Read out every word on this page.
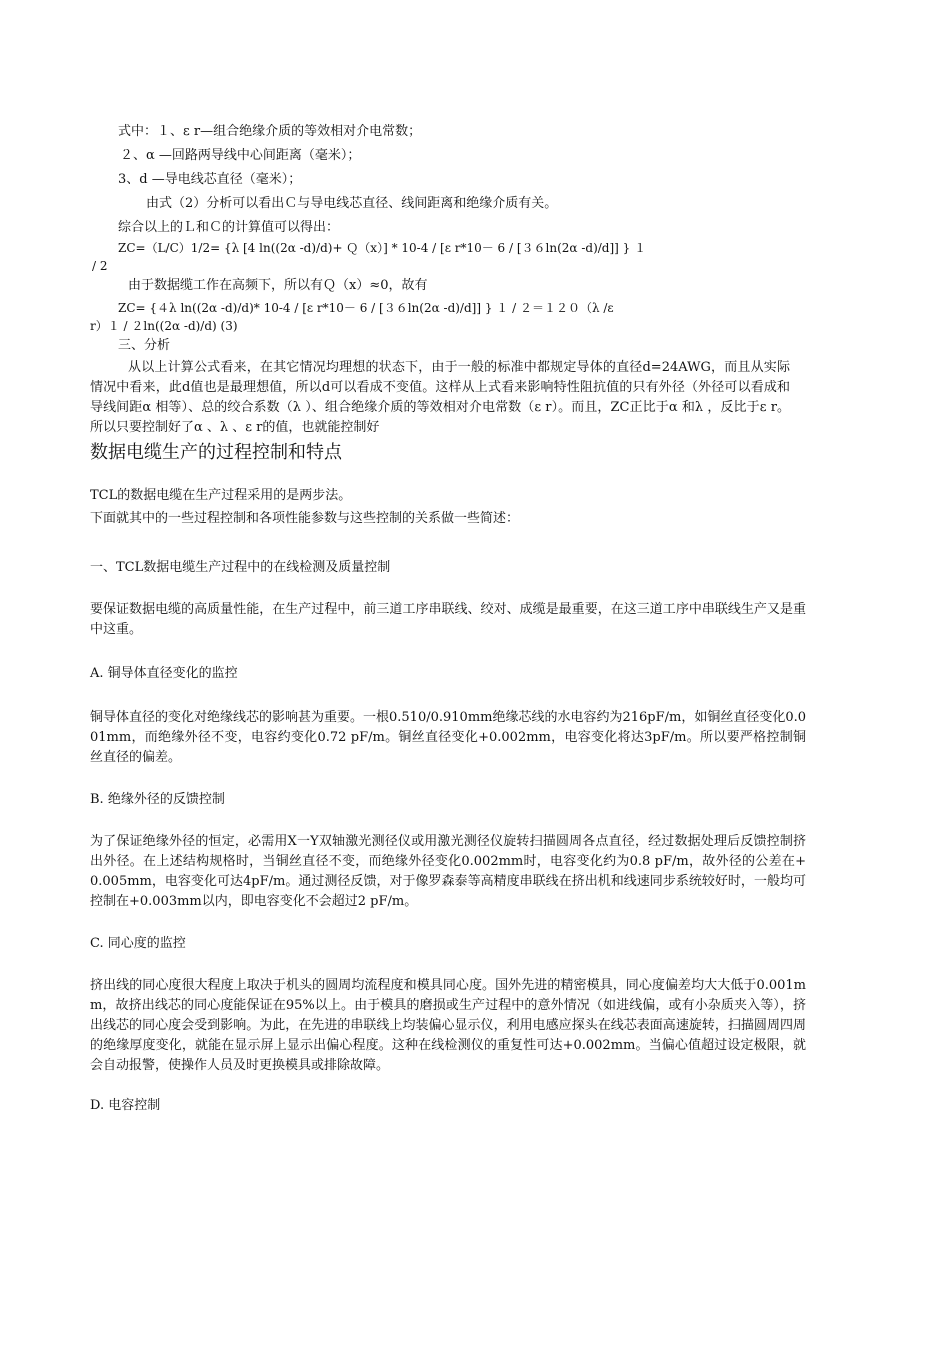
式中：１、ε r—组合绝缘介质的等效相对介电常数；
２、α —回路两导线中心间距离（毫米）；
3、d —导电线芯直径（毫米）；
由式（2）分析可以看出Ｃ与导电线芯直径、线间距离和绝缘介质有关。
综合以上的Ｌ和Ｃ的计算值可以得出：
ZC=（L/C）1/2= {λ [4 ln((2α -d)/d)+ Ｑ（x）] * 10-4 / [ε r*10－ 6 / [３６ln(2α -d)/d]] } １
/ 2
由于数据缆工作在高频下，所以有Ｑ（x）≈0，故有
ZC= {４λ ln((2α -d)/d)* 10-4 / [ε r*10－ 6 / [３６ln(2α -d)/d]] } １ / ２＝１２０（λ /ε
r）１ / ２ln((2α -d)/d) (3)
三、分析
从以上计算公式看来，在其它情况均理想的状态下，由于一般的标准中都规定导体的直径d=24AWG，而且从实际情况中看来，此d值也是最理想值，所以d可以看成不变值。这样从上式看来影响特性阻抗值的只有外径（外径可以看成和导线间距α 相等）、总的绞合系数（λ ）、组合绝缘介质的等效相对介电常数（ε r）。而且，ZC正比于α 和λ ，反比于ε r。所以只要控制好了α 、λ 、ε r的值，也就能控制好
数据电缆生产的过程控制和特点
TCL的数据电缆在生产过程采用的是两步法。
下面就其中的一些过程控制和各项性能参数与这些控制的关系做一些简述：
一、TCL数据电缆生产过程中的在线检测及质量控制
要保证数据电缆的高质量性能，在生产过程中，前三道工序串联线、绞对、成缆是最重要，在这三道工序中串联线生产又是重中这重。
A. 铜导体直径变化的监控
铜导体直径的变化对绝缘线芯的影响甚为重要。一根0.510/0.910mm绝缘芯线的水电容约为216pF/m，如铜丝直径变化0.001mm，而绝缘外径不变，电容约变化0.72 pF/m。铜丝直径变化+0.002mm，电容变化将达3pF/m。所以要严格控制铜丝直径的偏差。
B. 绝缘外径的反馈控制
为了保证绝缘外径的恒定，必需用X一Y双轴激光测径仪或用激光测径仪旋转扫描圆周各点直径，经过数据处理后反馈控制挤出外径。在上述结构规格时，当铜丝直径不变，而绝缘外径变化0.002mm时，电容变化约为0.8 pF/m，故外径的公差在+0.005mm，电容变化可达4pF/m。通过测径反馈，对于像罗森泰等高精度串联线在挤出机和线速同步系统较好时，一般均可控制在+0.003mm以内，即电容变化不会超过2 pF/m。
C. 同心度的监控
挤出线的同心度很大程度上取决于机头的圆周均流程度和模具同心度。国外先进的精密模具，同心度偏差均大大低于0.001mm，故挤出线芯的同心度能保证在95%以上。由于模具的磨损或生产过程中的意外情况（如进线偏，或有小杂质夹入等），挤出线芯的同心度会受到影响。为此，在先进的串联线上均装偏心显示仪，利用电感应探头在线芯表面高速旋转，扫描圆周四周的绝缘厚度变化，就能在显示屏上显示出偏心程度。这种在线检测仪的重复性可达+0.002mm。当偏心值超过设定极限，就会自动报警，使操作人员及时更换模具或排除故障。
D. 电容控制
